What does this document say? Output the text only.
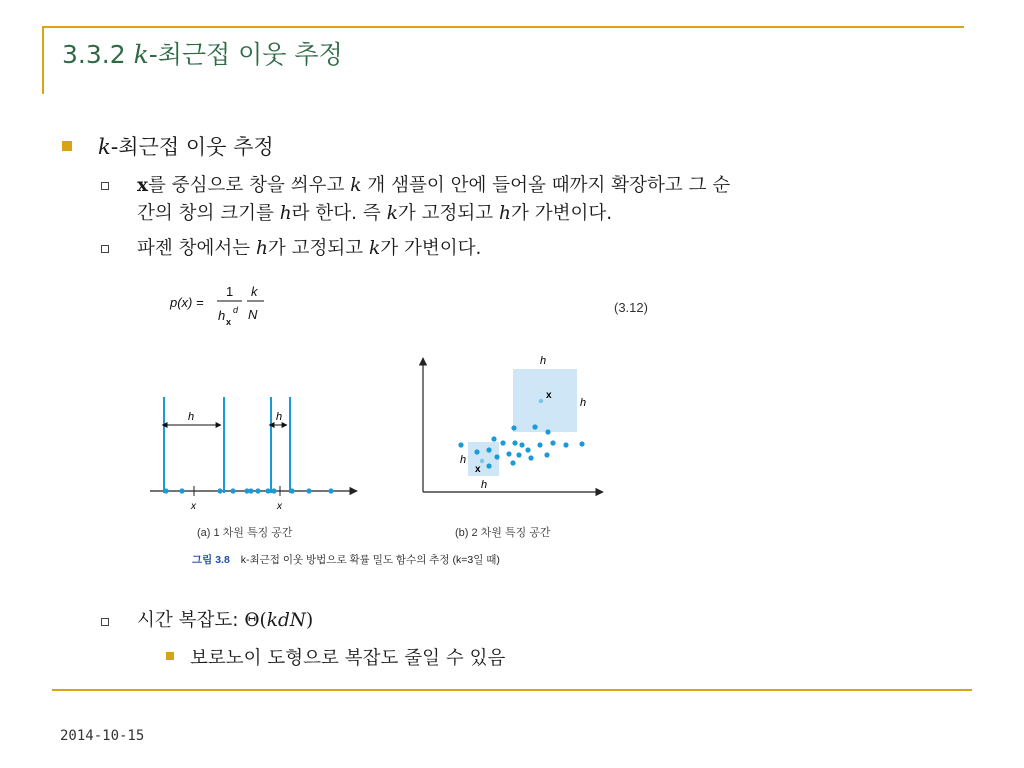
3.3.2 k-최근접 이웃 추정
k-최근접 이웃 추정
x를 중심으로 창을 씌우고 k 개 샘플이 안에 들어올 때까지 확장하고 그 순
간의 창의 크기를 h라 한다. 즉 k가 고정되고 h가 가변이다.
파젠 창에서는 h가 고정되고 k가 가변이다.
p(x) =
1
h x
d
k
N	(3.12)
h	h
x	x
(a) 1 차원 특징 공간
h
h
h
h
x
x
(b) 2 차원 특징 공간
그림 3.8 k-최근접 이웃 방법으로 확률 밀도 함수의 추정 (k=3일 때)
시간 복잡도: Θ(kdN)
보로노이 도형으로 복잡도 줄일 수 있음
2014-10-15
